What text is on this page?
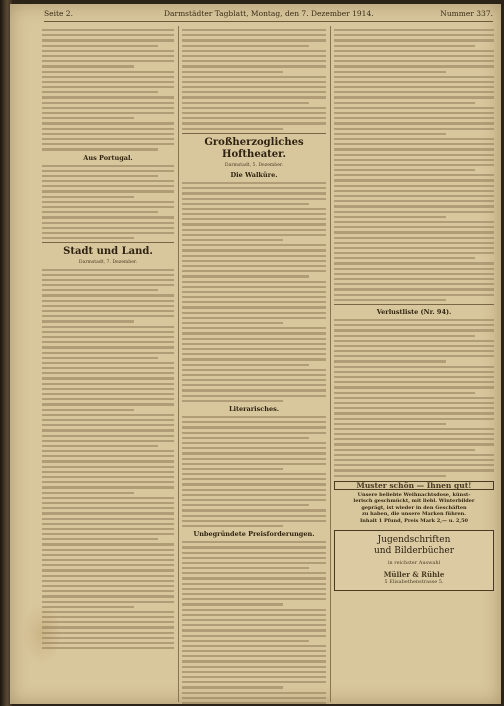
Seite 2.	Darmstädter Tagblatt, Montag, den 7. Dezember 1914.	Nummer 337.
Aus Portugal.
Stadt und Land.
Darmstadt, 7. Dezember.
Großherzogliches Hoftheater.
Darmstadt, 5. Dezember.
Die Walküre.
Literarisches.
Unbegründete Preisforderungen.
Verlustliste (Nr. 94).
Muster schön — Ihnen gut!
Unsere beliebte Weihnachtsdose, künst-
lerisch geschmückt, mit liebl. Winterbilder
geprägt, ist wieder in den Geschäften
zu haben, die unsere Marken führen.
Inhalt 1 Pfund, Preis Mark 2,— u. 2,50
Jugendschriften
und Bilderbücher
in reichster Auswahl
Müller & Rühle
5 Elisabethenstrasse 5.
